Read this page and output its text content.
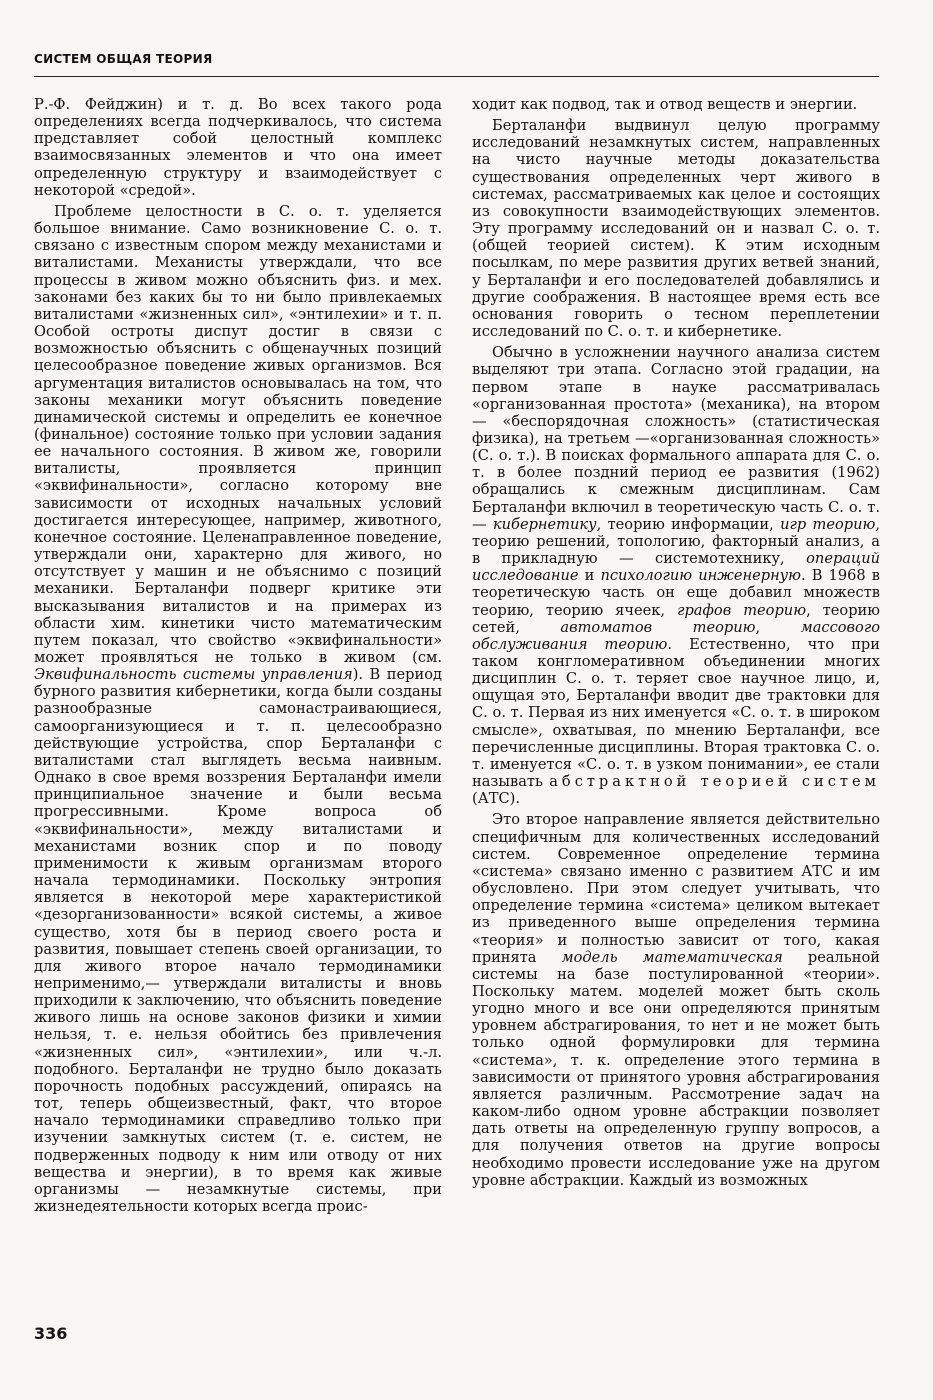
СИСТЕМ ОБЩАЯ ТЕОРИЯ

Р.-Ф. Фейджин) и т. д. Во всех такого рода определениях всегда подчеркивалось, что система представляет собой целостный комплекс взаимосвязанных элементов и что она имеет определенную структуру и взаимодействует с некоторой «средой».

Проблеме целостности в С. о. т. уделяется большое внимание. Само возникновение С. о. т. связано с известным спором между механистами и виталистами. Механисты утверждали, что все процессы в живом можно объяснить физ. и мех. законами без каких бы то ни было привлекаемых виталистами «жизненных сил», «энтилехии» и т. п. Особой остроты диспут достиг в связи с возможностью объяснить с общенаучных позиций целесообразное поведение живых организмов. Вся аргументация виталистов основывалась на том, что законы механики могут объяснить поведение динамической системы и определить ее конечное (финальное) состояние только при условии задания ее начального состояния. В живом же, говорили виталисты, проявляется принцип «эквифинальности», согласно которому вне зависимости от исходных начальных условий достигается интересующее, например, животного, конечное состояние. Целенаправленное поведение, утверждали они, характерно для живого, но отсутствует у машин и не объяснимо с позиций механики. Берталанфи подверг критике эти высказывания виталистов и на примерах из области хим. кинетики чисто математическим путем показал, что свойство «эквифинальности» может проявляться не только в живом (см. Эквифинальность системы управления). В период бурного развития кибернетики, когда были созданы разнообразные самонастраивающиеся, самоорганизующиеся и т. п. целесообразно действующие устройства, спор Берталанфи с виталистами стал выглядеть весьма наивным. Однако в свое время воззрения Берталанфи имели принципиальное значение и были весьма прогрессивными. Кроме вопроса об «эквифинальности», между виталистами и механистами возник спор и по поводу применимости к живым организмам второго начала термодинамики. Поскольку энтропия является в некоторой мере характеристикой «дезорганизованности» всякой системы, а живое существо, хотя бы в период своего роста и развития, повышает степень своей организации, то для живого второе начало термодинамики неприменимо,— утверждали виталисты и вновь приходили к заключению, что объяснить поведение живого лишь на основе законов физики и химии нельзя, т. е. нельзя обойтись без привлечения «жизненных сил», «энтилехии», или ч.-л. подобного. Берталанфи не трудно было доказать порочность подобных рассуждений, опираясь на тот, теперь общеизвестный, факт, что второе начало термодинамики справедливо только при изучении замкнутых систем (т. е. систем, не подверженных подводу к ним или отводу от них вещества и энергии), в то время как живые организмы — незамкнутые системы, при жизнедеятельности которых всегда проис-

ходит как подвод, так и отвод веществ и энергии.

Берталанфи выдвинул целую программу исследований незамкнутых систем, направленных на чисто научные методы доказательства существования определенных черт живого в системах, рассматриваемых как целое и состоящих из совокупности взаимодействующих элементов. Эту программу исследований он и назвал С. о. т. (общей теорией систем). К этим исходным посылкам, по мере развития других ветвей знаний, у Берталанфи и его последователей добавлялись и другие соображения. В настоящее время есть все основания говорить о тесном переплетении исследований по С. о. т. и кибернетике.

Обычно в усложнении научного анализа систем выделяют три этапа. Согласно этой градации, на первом этапе в науке рассматривалась «организованная простота» (механика), на втором — «беспорядочная сложность» (статистическая физика), на третьем —«организованная сложность» (С. о. т.). В поисках формального аппарата для С. о. т. в более поздний период ее развития (1962) обращались к смежным дисциплинам. Сам Берталанфи включил в теоретическую часть С. о. т.— кибернетику, теорию информации, игр теорию, теорию решений, топологию, факторный анализ, а в прикладную — системотехнику, операций исследование и психологию инженерную. В 1968 в теоретическую часть он еще добавил множеств теорию, теорию ячеек, графов теорию, теорию сетей, автоматов теорию, массового обслуживания теорию. Естественно, что при таком конгломеративном объединении многих дисциплин С. о. т. теряет свое научное лицо, и, ощущая это, Берталанфи вводит две трактовки для С. о. т. Первая из них именуется «С. о. т. в широком смысле», охватывая, по мнению Берталанфи, все перечисленные дисциплины. Вторая трактовка С. о. т. именуется «С. о. т. в узком понимании», ее стали называть абстрактной теорией систем (АТС).

Это второе направление является действительно специфичным для количественных исследований систем. Современное определение термина «система» связано именно с развитием АТС и им обусловлено. При этом следует учитывать, что определение термина «система» целиком вытекает из приведенного выше определения термина «теория» и полностью зависит от того, какая принята модель математическая реальной системы на базе постулированной «теории». Поскольку матем. моделей может быть сколь угодно много и все они определяются принятым уровнем абстрагирования, то нет и не может быть только одной формулировки для термина «система», т. к. определение этого термина в зависимости от принятого уровня абстрагирования является различным. Рассмотрение задач на каком-либо одном уровне абстракции позволяет дать ответы на определенную группу вопросов, а для получения ответов на другие вопросы необходимо провести исследование уже на другом уровне абстракции. Каждый из возможных

336
